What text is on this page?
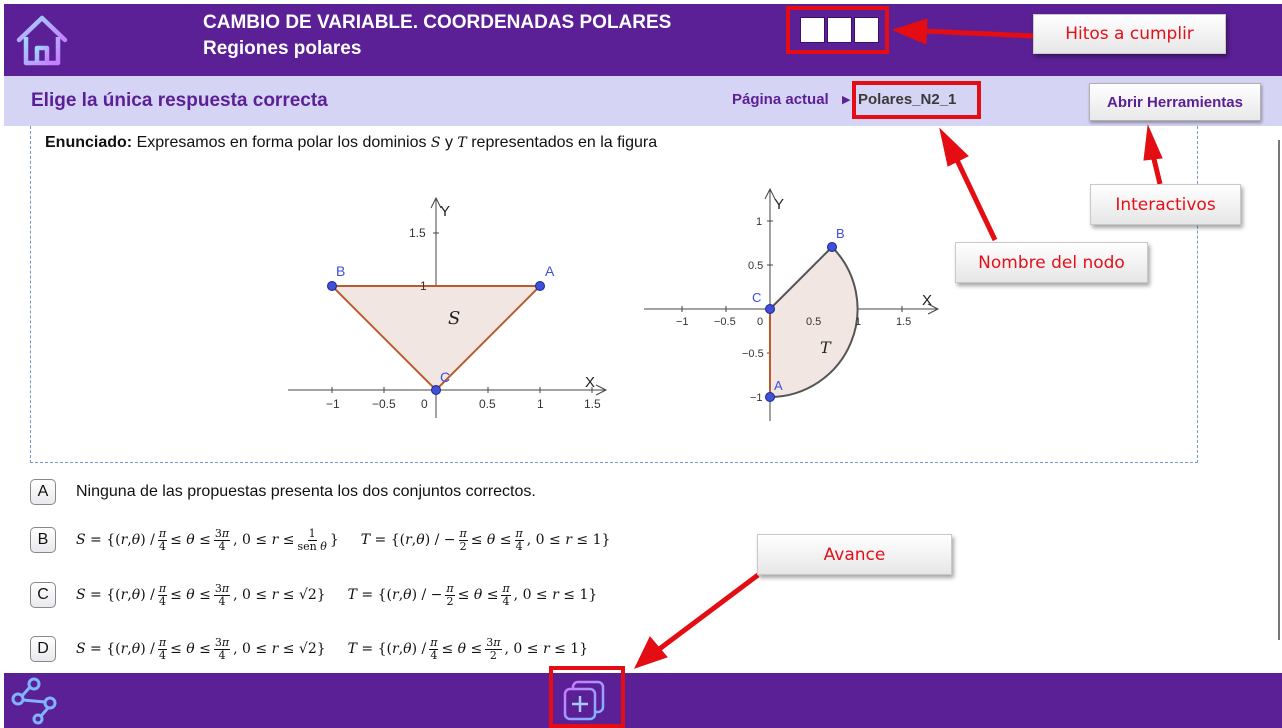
CAMBIO DE VARIABLE. COORDENADAS POLARES
Regiones polares
Elige la única respuesta correcta	Página actual ▶ Polares_N2_1	Abrir Herramientas
Enunciado: Expresamos en forma polar los dominios S y T representados en la figura
X
Y
−1	−0.5 0	0.5	1	1.5
1.5
1
S
A
B
C
X
Y
−1 −0.5 0	0.5	1	1.5
1
0.5
−0.5
−1
T
A
B
C
A	Ninguna de las propuestas presenta los dos conjuntos correctos.
B	$S = \{(r,\theta) / \frac{\pi}{4} \le \theta \le \frac{3\pi}{4}$ , $0 \le r \le \frac{1}{\text{sen θ}}$ } T = {(r,θ) / − $\frac{\pi}{2} \le \theta \le \frac{\pi}{4}$ , 0 ≤ r ≤ 1}
C	$S = \{(r,\theta) / \frac{\pi}{4} \le \theta \le \frac{3\pi}{4}$ , 0 ≤ r ≤ √2} T = {(r,θ) / − $\frac{\pi}{2} \le \theta \le \frac{\pi}{4}$ , 0 ≤ r ≤ 1}
D	$S = \{(r,\theta) / \frac{\pi}{4} \le \theta \le \frac{3\pi}{4}$ , 0 ≤ r ≤ √2} $T = \{(r,\theta) / \frac{\pi}{4} \le \theta \le \frac{3\pi}{2}$ , 0 ≤ r ≤ 1}
Hitos a cumplir
Interactivos
Nombre del nodo
Avance
